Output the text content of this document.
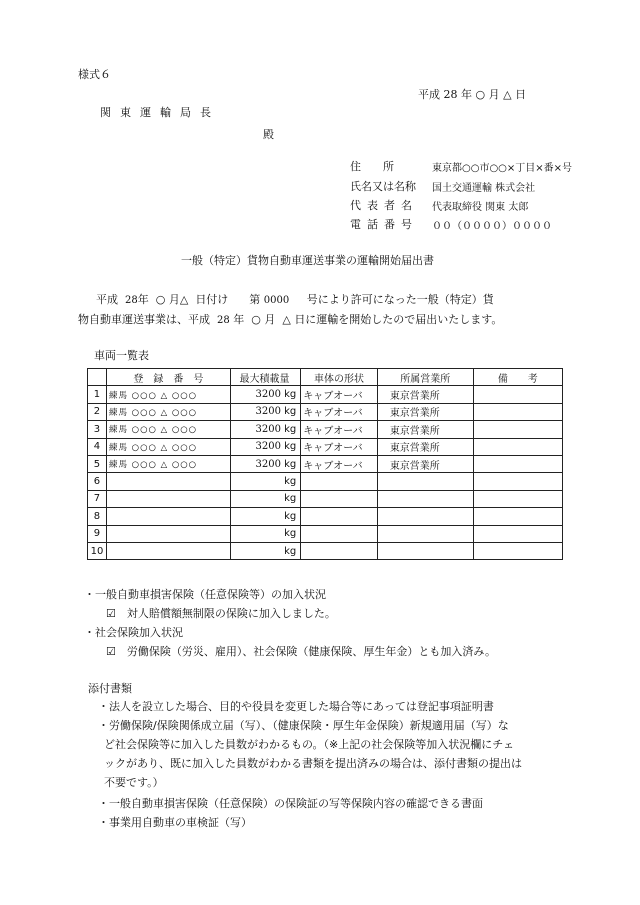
様式６
平成 28 年 ○ 月 △ 日
関東運輸局長
殿
住　　所	東京都○○市○○×丁目×番×号
氏名又は名称 国土交通運輸 株式会社
代表者名 代表取締役 関東 太郎
電話番号 ００（００００）００００
一般（特定）貨物自動車運送事業の運輸開始届出書
平成 28年 ○ 月△ 日付け 第 0000 号により許可になった一般（特定）貨
物自動車運送事業は、平成 28 年 ○ 月 △ 日に運輸を開始したので届出いたします。
車両一覧表
	登　録　番　号	最大積載量	車体の形状	所属営業所	備　　考
1	練馬 ○○○ △ ○○○	3200 kg	キャブオーバ	東京営業所	
2	練馬 ○○○ △ ○○○	3200 kg	キャブオーバ	東京営業所	
3	練馬 ○○○ △ ○○○	3200 kg	キャブオーバ	東京営業所	
4	練馬 ○○○ △ ○○○	3200 kg	キャブオーバ	東京営業所	
5	練馬 ○○○ △ ○○○	3200 kg	キャブオーバ	東京営業所	
6		kg			
7		kg			
8		kg			
9		kg			
10		kg			
・一般自動車損害保険（任意保険等）の加入状況
☑　対人賠償額無制限の保険に加入しました。
・社会保険加入状況
☑　労働保険（労災、雇用）、社会保険（健康保険、厚生年金）とも加入済み。
添付書類
・法人を設立した場合、目的や役員を変更した場合等にあっては登記事項証明書
・労働保険/保険関係成立届（写）、（健康保険・厚生年金保険）新規適用届（写）な
ど社会保険等に加入した員数がわかるもの。（※上記の社会保険等加入状況欄にチェ
ックがあり、既に加入した員数がわかる書類を提出済みの場合は、添付書類の提出は
不要です。）
・一般自動車損害保険（任意保険）の保険証の写等保険内容の確認できる書面
・事業用自動車の車検証（写）
